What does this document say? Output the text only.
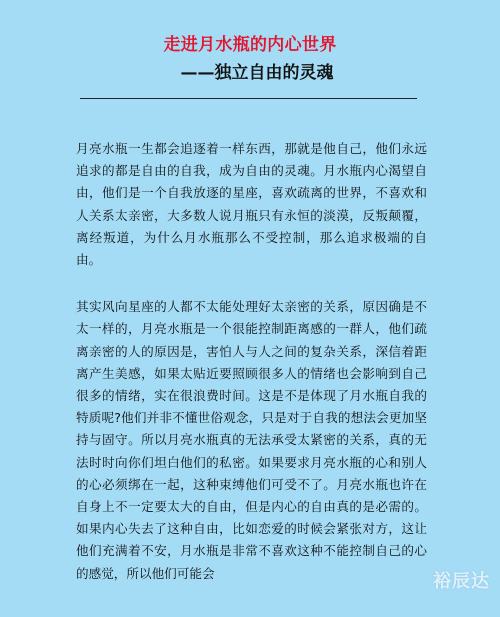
走进月水瓶的内心世界
——独立自由的灵魂

月亮水瓶一生都会追逐着一样东西，那就是他自己，他们永远追求的都是自由的自我，成为自由的灵魂。月水瓶内心渴望自由，他们是一个自我放逐的星座，喜欢疏离的世界，不喜欢和人关系太亲密，大多数人说月瓶只有永恒的淡漠，反叛颠覆，离经叛道，为什么月水瓶那么不受控制，那么追求极端的自由。

其实风向星座的人都不太能处理好太亲密的关系，原因确是不太一样的，月亮水瓶是一个很能控制距离感的一群人，他们疏离亲密的人的原因是，害怕人与人之间的复杂关系，深信着距离产生美感，如果太贴近要照顾很多人的情绪也会影响到自己很多的情绪，实在很浪费时间。这是不是体现了月水瓶自我的特质呢?他们并非不懂世俗观念，只是对于自我的想法会更加坚持与固守。所以月亮水瓶真的无法承受太紧密的关系，真的无法时时向你们坦白他们的私密。如果要求月亮水瓶的心和别人的心必须绑在一起，这种束缚他们可受不了。月亮水瓶也许在自身上不一定要太大的自由，但是内心的自由真的是必需的。如果内心失去了这种自由，比如恋爱的时候会紧张对方，这让他们充满着不安，月水瓶是非常不喜欢这种不能控制自己的心的感觉，所以他们可能会	裕辰达
